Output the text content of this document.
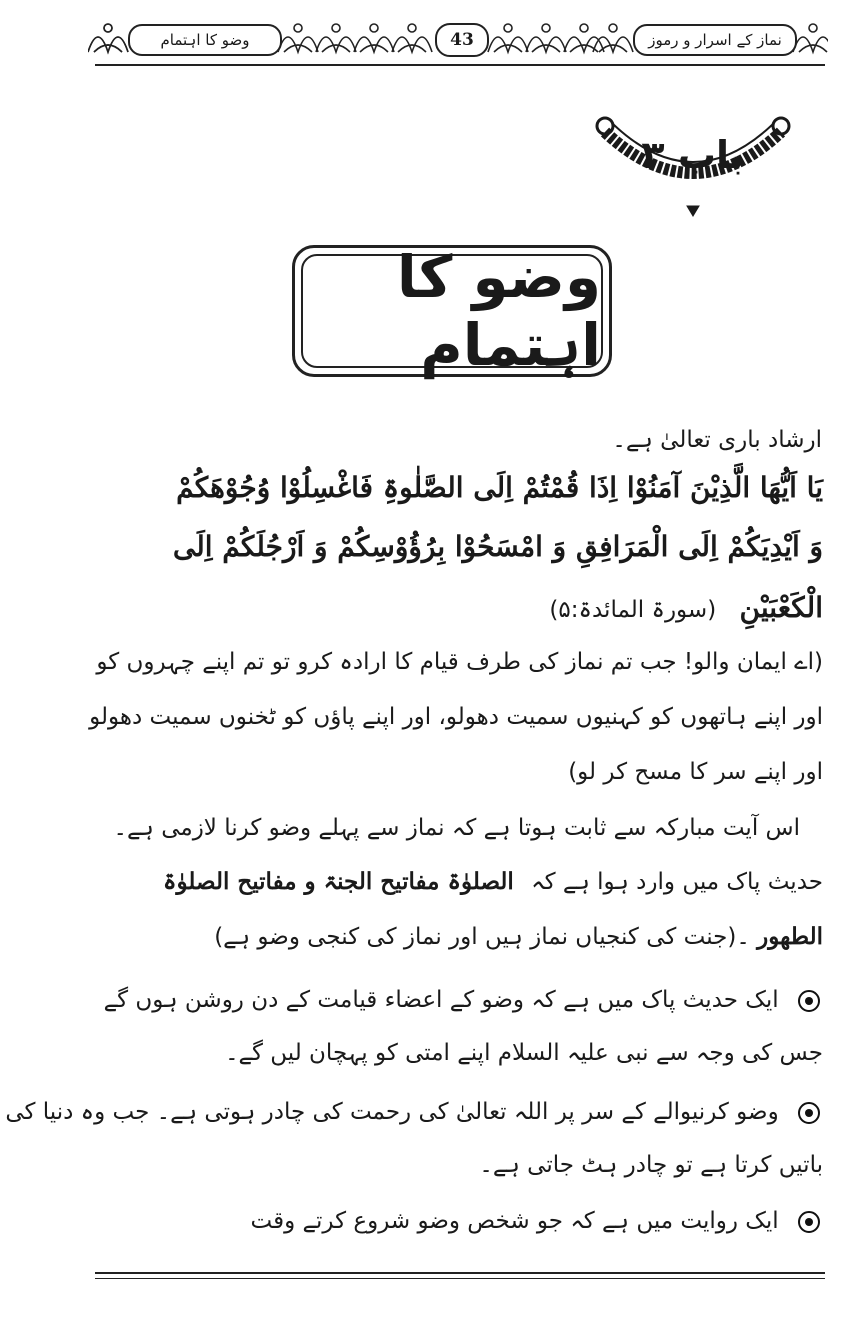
وضو کا اہتمام	43	نماز کے اسرار و رموز
باب ۳
وضو کا اہتمام
ارشاد باری تعالیٰ ہے۔
یَا اَیُّھَا الَّذِیْنَ آمَنُوْا اِذَا قُمْتُمْ اِلَی الصَّلٰوۃِ فَاغْسِلُوْا وُجُوْھَکُمْ
وَ اَیْدِیَکُمْ اِلَی الْمَرَافِقِ وَ امْسَحُوْا بِرُؤُوْسِکُمْ وَ اَرْجُلَکُمْ اِلَی
الْکَعْبَیْنِ (سورۃ المائدۃ:۵)
(اے ایمان والو! جب تم نماز کی طرف قیام کا ارادہ کرو تو تم اپنے چہروں کو
اور اپنے ہاتھوں کو کہنیوں سمیت دھولو، اور اپنے پاؤں کو ٹخنوں سمیت دھولو
اور اپنے سر کا مسح کر لو)
اس آیت مبارکہ سے ثابت ہوتا ہے کہ نماز سے پہلے وضو کرنا لازمی ہے۔
حدیث پاک میں وارد ہوا ہے کہ الصلوٰۃ مفاتیح الجنۃ و مفاتیح الصلوٰۃ
الطھور ۔(جنت کی کنجیاں نماز ہیں اور نماز کی کنجی وضو ہے)
ایک حدیث پاک میں ہے کہ وضو کے اعضاء قیامت کے دن روشن ہوں گے
جس کی وجہ سے نبی علیہ السلام اپنے امتی کو پہچان لیں گے۔
وضو کرنیوالے کے سر پر اللہ تعالیٰ کی رحمت کی چادر ہوتی ہے۔ جب وہ دنیا کی
باتیں کرتا ہے تو چادر ہٹ جاتی ہے۔
ایک روایت میں ہے کہ جو شخص وضو شروع کرتے وقت
